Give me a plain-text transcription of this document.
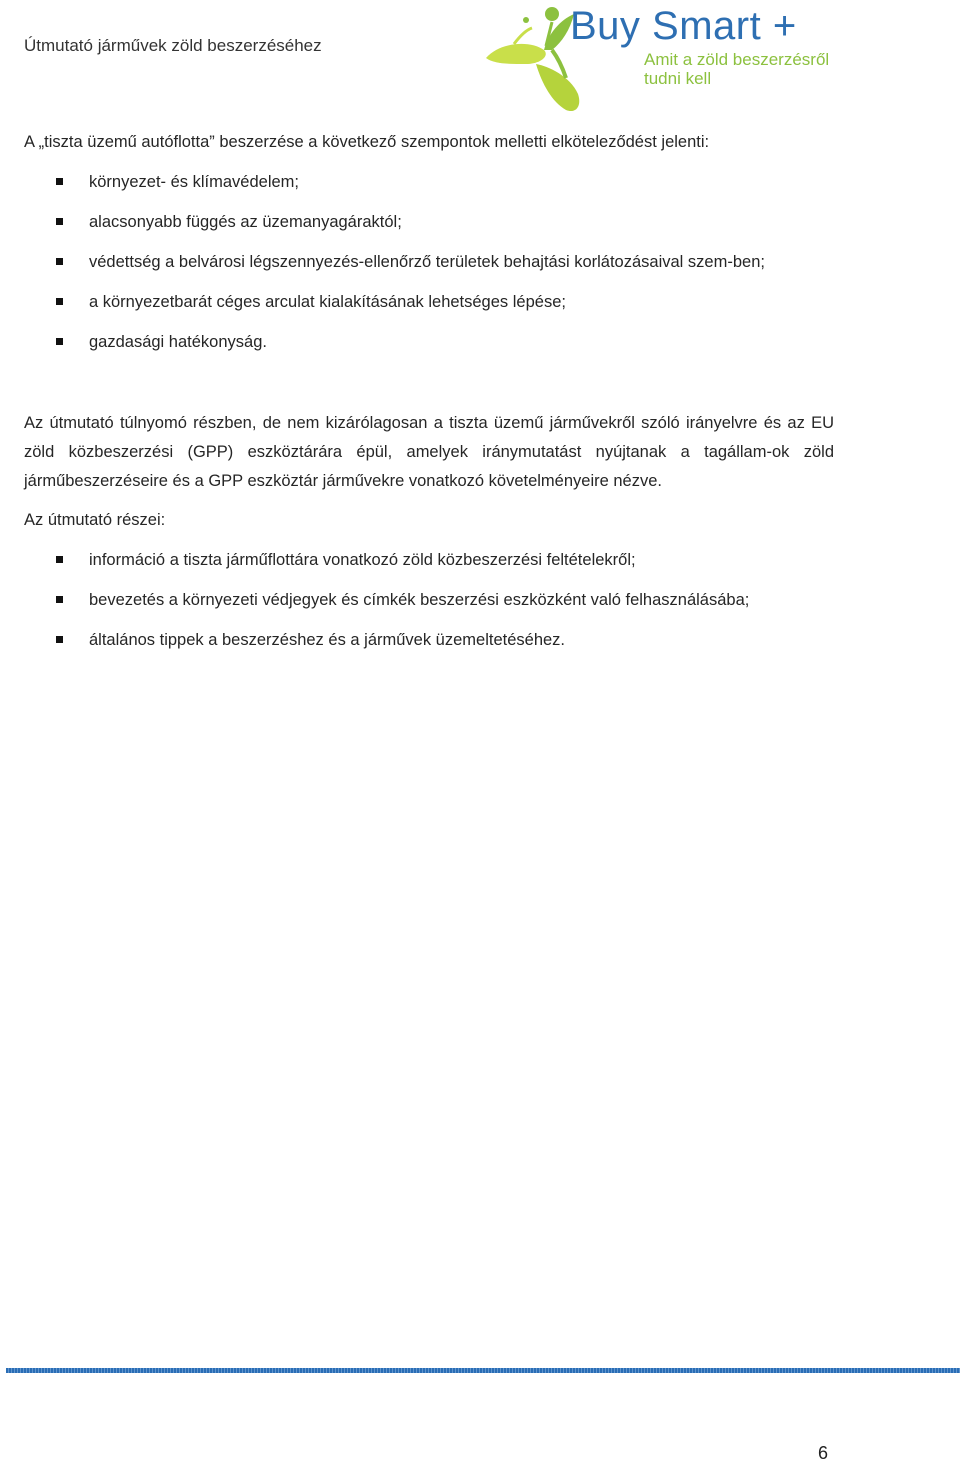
Útmutató járművek zöld beszerzéséhez	Buy Smart +
Amit a zöld beszerzésről
tudni kell

A „tiszta üzemű autóflotta” beszerzése a következő szempontok melletti elköteleződést jelenti:

környezet- és klímavédelem;
alacsonyabb függés az üzemanyagáraktól;
védettség a belvárosi légszennyezés-ellenőrző területek behajtási korlátozásaival szem-ben;
a környezetbarát céges arculat kialakításának lehetséges lépése;
gazdasági hatékonyság.

Az útmutató túlnyomó részben, de nem kizárólagosan a tiszta üzemű járművekről szóló irányelvre és az EU zöld közbeszerzési (GPP) eszköztárára épül, amelyek iránymutatást nyújtanak a tagállam-ok zöld járműbeszerzéseire és a GPP eszköztár járművekre vonatkozó követelményeire nézve.

Az útmutató részei:

információ a tiszta járműflottára vonatkozó zöld közbeszerzési feltételekről;
bevezetés a környezeti védjegyek és címkék beszerzési eszközként való felhasználásába;
általános tippek a beszerzéshez és a járművek üzemeltetéséhez.
6
